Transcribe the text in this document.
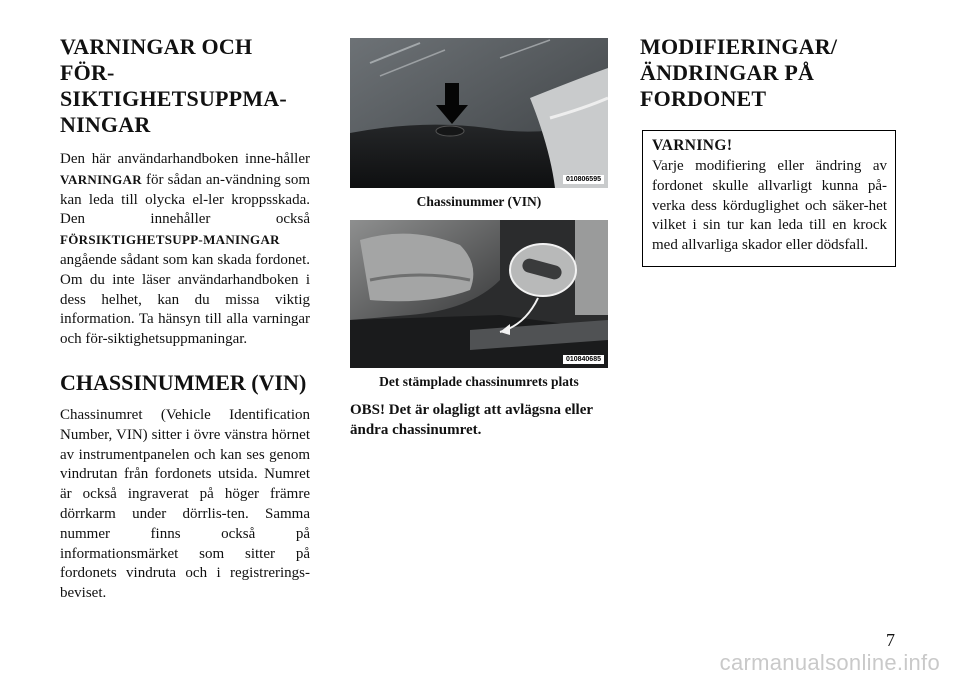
VARNINGAR OCH FÖR-SIKTIGHETSUPPMA-NINGAR

Den här användarhandboken inne-håller VARNINGAR för sådan an-vändning som kan leda till olycka el-ler kroppsskada. Den innehåller också FÖRSIKTIGHETSUPP-MANINGAR angående sådant som kan skada fordonet. Om du inte läser användarhandboken i dess helhet, kan du missa viktig information. Ta hänsyn till alla varningar och för-siktighetsuppmaningar.

CHASSINUMMER (VIN)

Chassinumret (Vehicle Identification Number, VIN) sitter i övre vänstra hörnet av instrumentpanelen och kan ses genom vindrutan från fordonets utsida. Numret är också ingraverat på höger främre dörrkarm under dörrlis-ten. Samma nummer finns också på informationsmärket som sitter på fordonets vindruta och i registrerings-beviset.

010806595
Chassinummer (VIN)
010840685
Det stämplade chassinumrets plats
OBS! Det är olagligt att avlägsna eller ändra chassinumret.
MODIFIERINGAR/ ÄNDRINGAR PÅ FORDONET
VARNING!

Varje modifiering eller ändring av fordonet skulle allvarligt kunna på-verka dess körduglighet och säker-het vilket i sin tur kan leda till en krock med allvarliga skador eller dödsfall.

7
carmanualsonline.info
